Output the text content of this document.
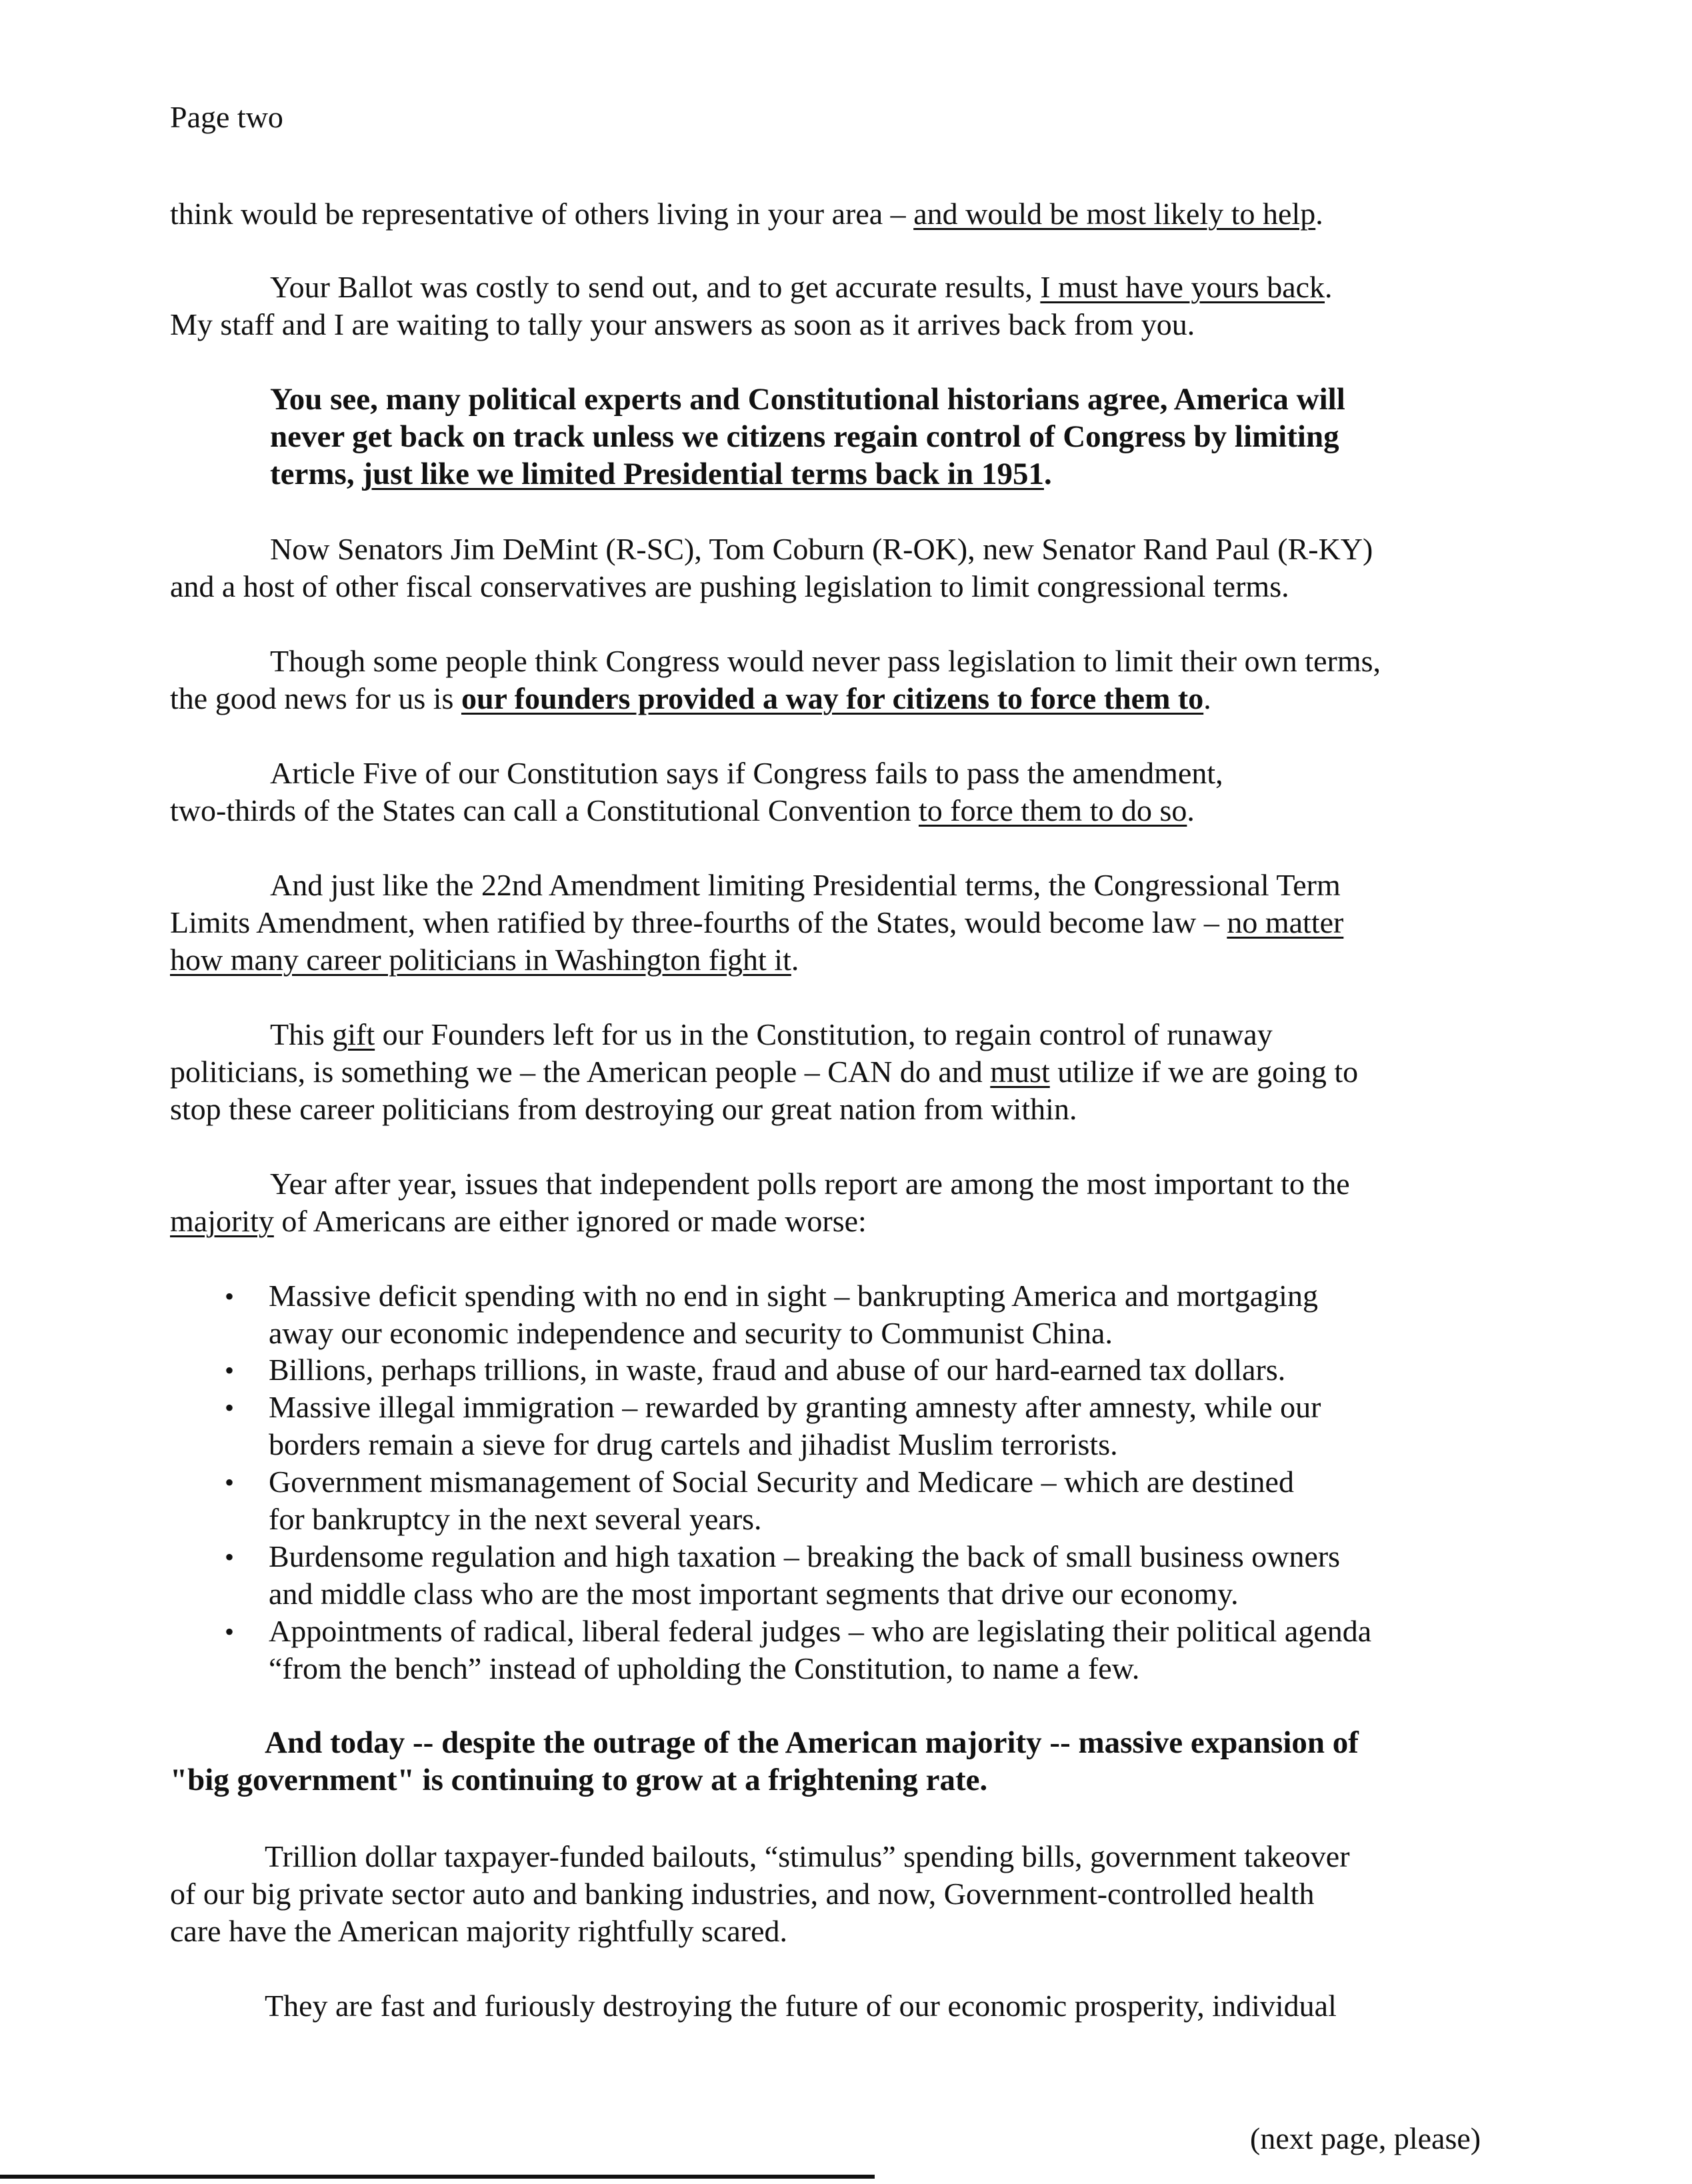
Page two
think would be representative of others living in your area – and would be most likely to help.
Your Ballot was costly to send out, and to get accurate results, I must have yours back.
My staff and I are waiting to tally your answers as soon as it arrives back from you.
You see, many political experts and Constitutional historians agree, America will
never get back on track unless we citizens regain control of Congress by limiting
terms, just like we limited Presidential terms back in 1951.
Now Senators Jim DeMint (R-SC), Tom Coburn (R-OK), new Senator Rand Paul (R-KY)
and a host of other fiscal conservatives are pushing legislation to limit congressional terms.
Though some people think Congress would never pass legislation to limit their own terms,
the good news for us is our founders provided a way for citizens to force them to.
Article Five of our Constitution says if Congress fails to pass the amendment,
two-thirds of the States can call a Constitutional Convention to force them to do so.
And just like the 22nd Amendment limiting Presidential terms, the Congressional Term
Limits Amendment, when ratified by three-fourths of the States, would become law – no matter
how many career politicians in Washington fight it.
This gift our Founders left for us in the Constitution, to regain control of runaway
politicians, is something we – the American people – CAN do and must utilize if we are going to
stop these career politicians from destroying our great nation from within.
Year after year, issues that independent polls report are among the most important to the
majority of Americans are either ignored or made worse:
• Massive deficit spending with no end in sight – bankrupting America and mortgaging
away our economic independence and security to Communist China.
• Billions, perhaps trillions, in waste, fraud and abuse of our hard-earned tax dollars.
• Massive illegal immigration – rewarded by granting amnesty after amnesty, while our
borders remain a sieve for drug cartels and jihadist Muslim terrorists.
• Government mismanagement of Social Security and Medicare – which are destined
for bankruptcy in the next several years.
• Burdensome regulation and high taxation – breaking the back of small business owners
and middle class who are the most important segments that drive our economy.
• Appointments of radical, liberal federal judges – who are legislating their political agenda
“from the bench” instead of upholding the Constitution, to name a few.
And today -- despite the outrage of the American majority -- massive expansion of
"big government" is continuing to grow at a frightening rate.
Trillion dollar taxpayer-funded bailouts, “stimulus” spending bills, government takeover
of our big private sector auto and banking industries, and now, Government-controlled health
care have the American majority rightfully scared.
They are fast and furiously destroying the future of our economic prosperity, individual
(next page, please)
